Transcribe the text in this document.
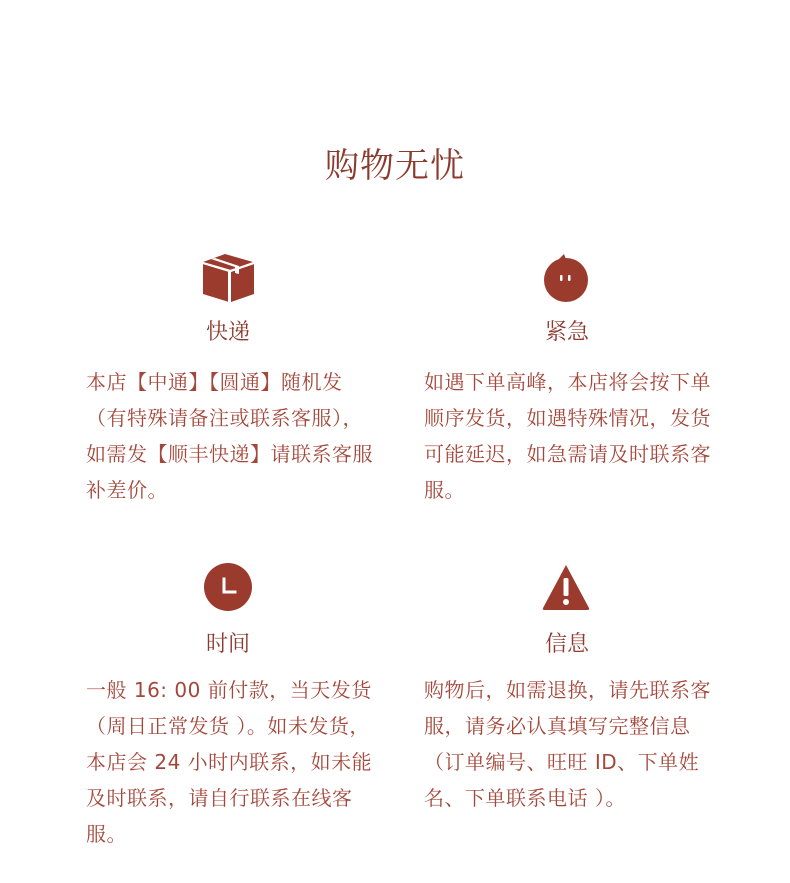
购物无忧
快递
本店【中通】【圆通】随机发（有特殊请备注或联系客服），如需发【顺丰快递】请联系客服补差价。
紧急
如遇下单高峰，本店将会按下单顺序发货，如遇特殊情况，发货可能延迟，如急需请及时联系客服。
时间
一般 16: 00 前付款，当天发货（周日正常发货 ）。如未发货，本店会 24 小时内联系，如未能及时联系，请自行联系在线客服。
信息
购物后，如需退换，请先联系客服，请务必认真填写完整信息（订单编号、旺旺 ID、下单姓名、下单联系电话 ）。
